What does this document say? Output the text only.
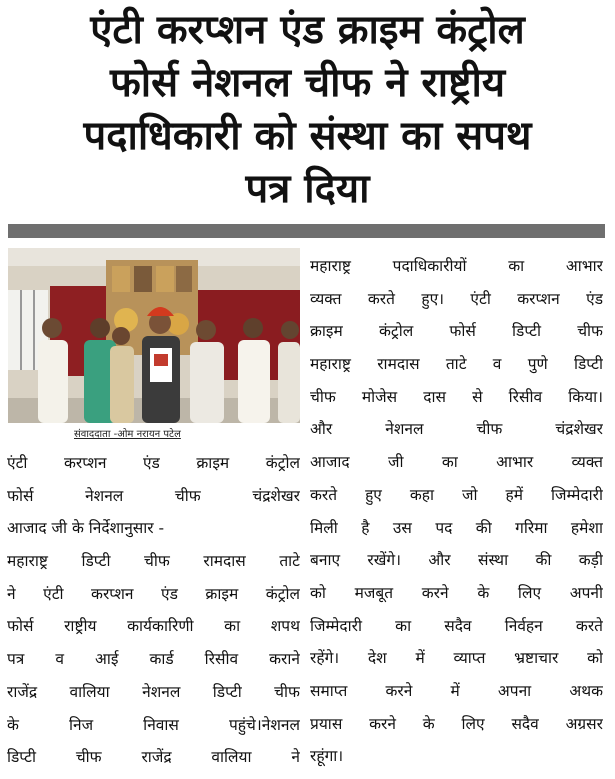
एंटी करप्शन एंड क्राइम कंट्रोल
फोर्स नेशनल चीफ ने राष्ट्रीय
पदाधिकारी को संस्था का सपथ
पत्र दिया
संवाददाता -ओम नरायन पटेल
महाराष्ट्र पदाधिकारीयों का आभार
व्यक्त करते हुए। एंटी करप्शन एंड
क्राइम कंट्रोल फोर्स डिप्टी चीफ
महाराष्ट्र रामदास ताटे व पुणे डिप्टी
चीफ मोजेस दास से रिसीव किया।
और नेशनल चीफ चंद्रशेखर
आजाद जी का आभार व्यक्त
करते हुए कहा जो हमें जिम्मेदारी
मिली है उस पद की गरिमा हमेशा
बनाए रखेंगे। और संस्था की कड़ी
को मजबूत करने के लिए अपनी
जिम्मेदारी का सदैव निर्वहन करते
रहेंगे। देश में व्याप्त भ्रष्टाचार को
समाप्त करने में अपना अथक
प्रयास करने के लिए सदैव अग्रसर
रहूंगा।
एंटी करप्शन एंड क्राइम कंट्रोल
फोर्स नेशनल चीफ चंद्रशेखर
आजाद जी के निर्देशानुसार -
महाराष्ट्र डिप्टी चीफ रामदास ताटे
ने एंटी करप्शन एंड क्राइम कंट्रोल
फोर्स राष्ट्रीय कार्यकारिणी का शपथ
पत्र व आई कार्ड रिसीव कराने
राजेंद्र वालिया नेशनल डिप्टी चीफ
के निज निवास पहुंचे।नेशनल
डिप्टी चीफ राजेंद्र वालिया ने
